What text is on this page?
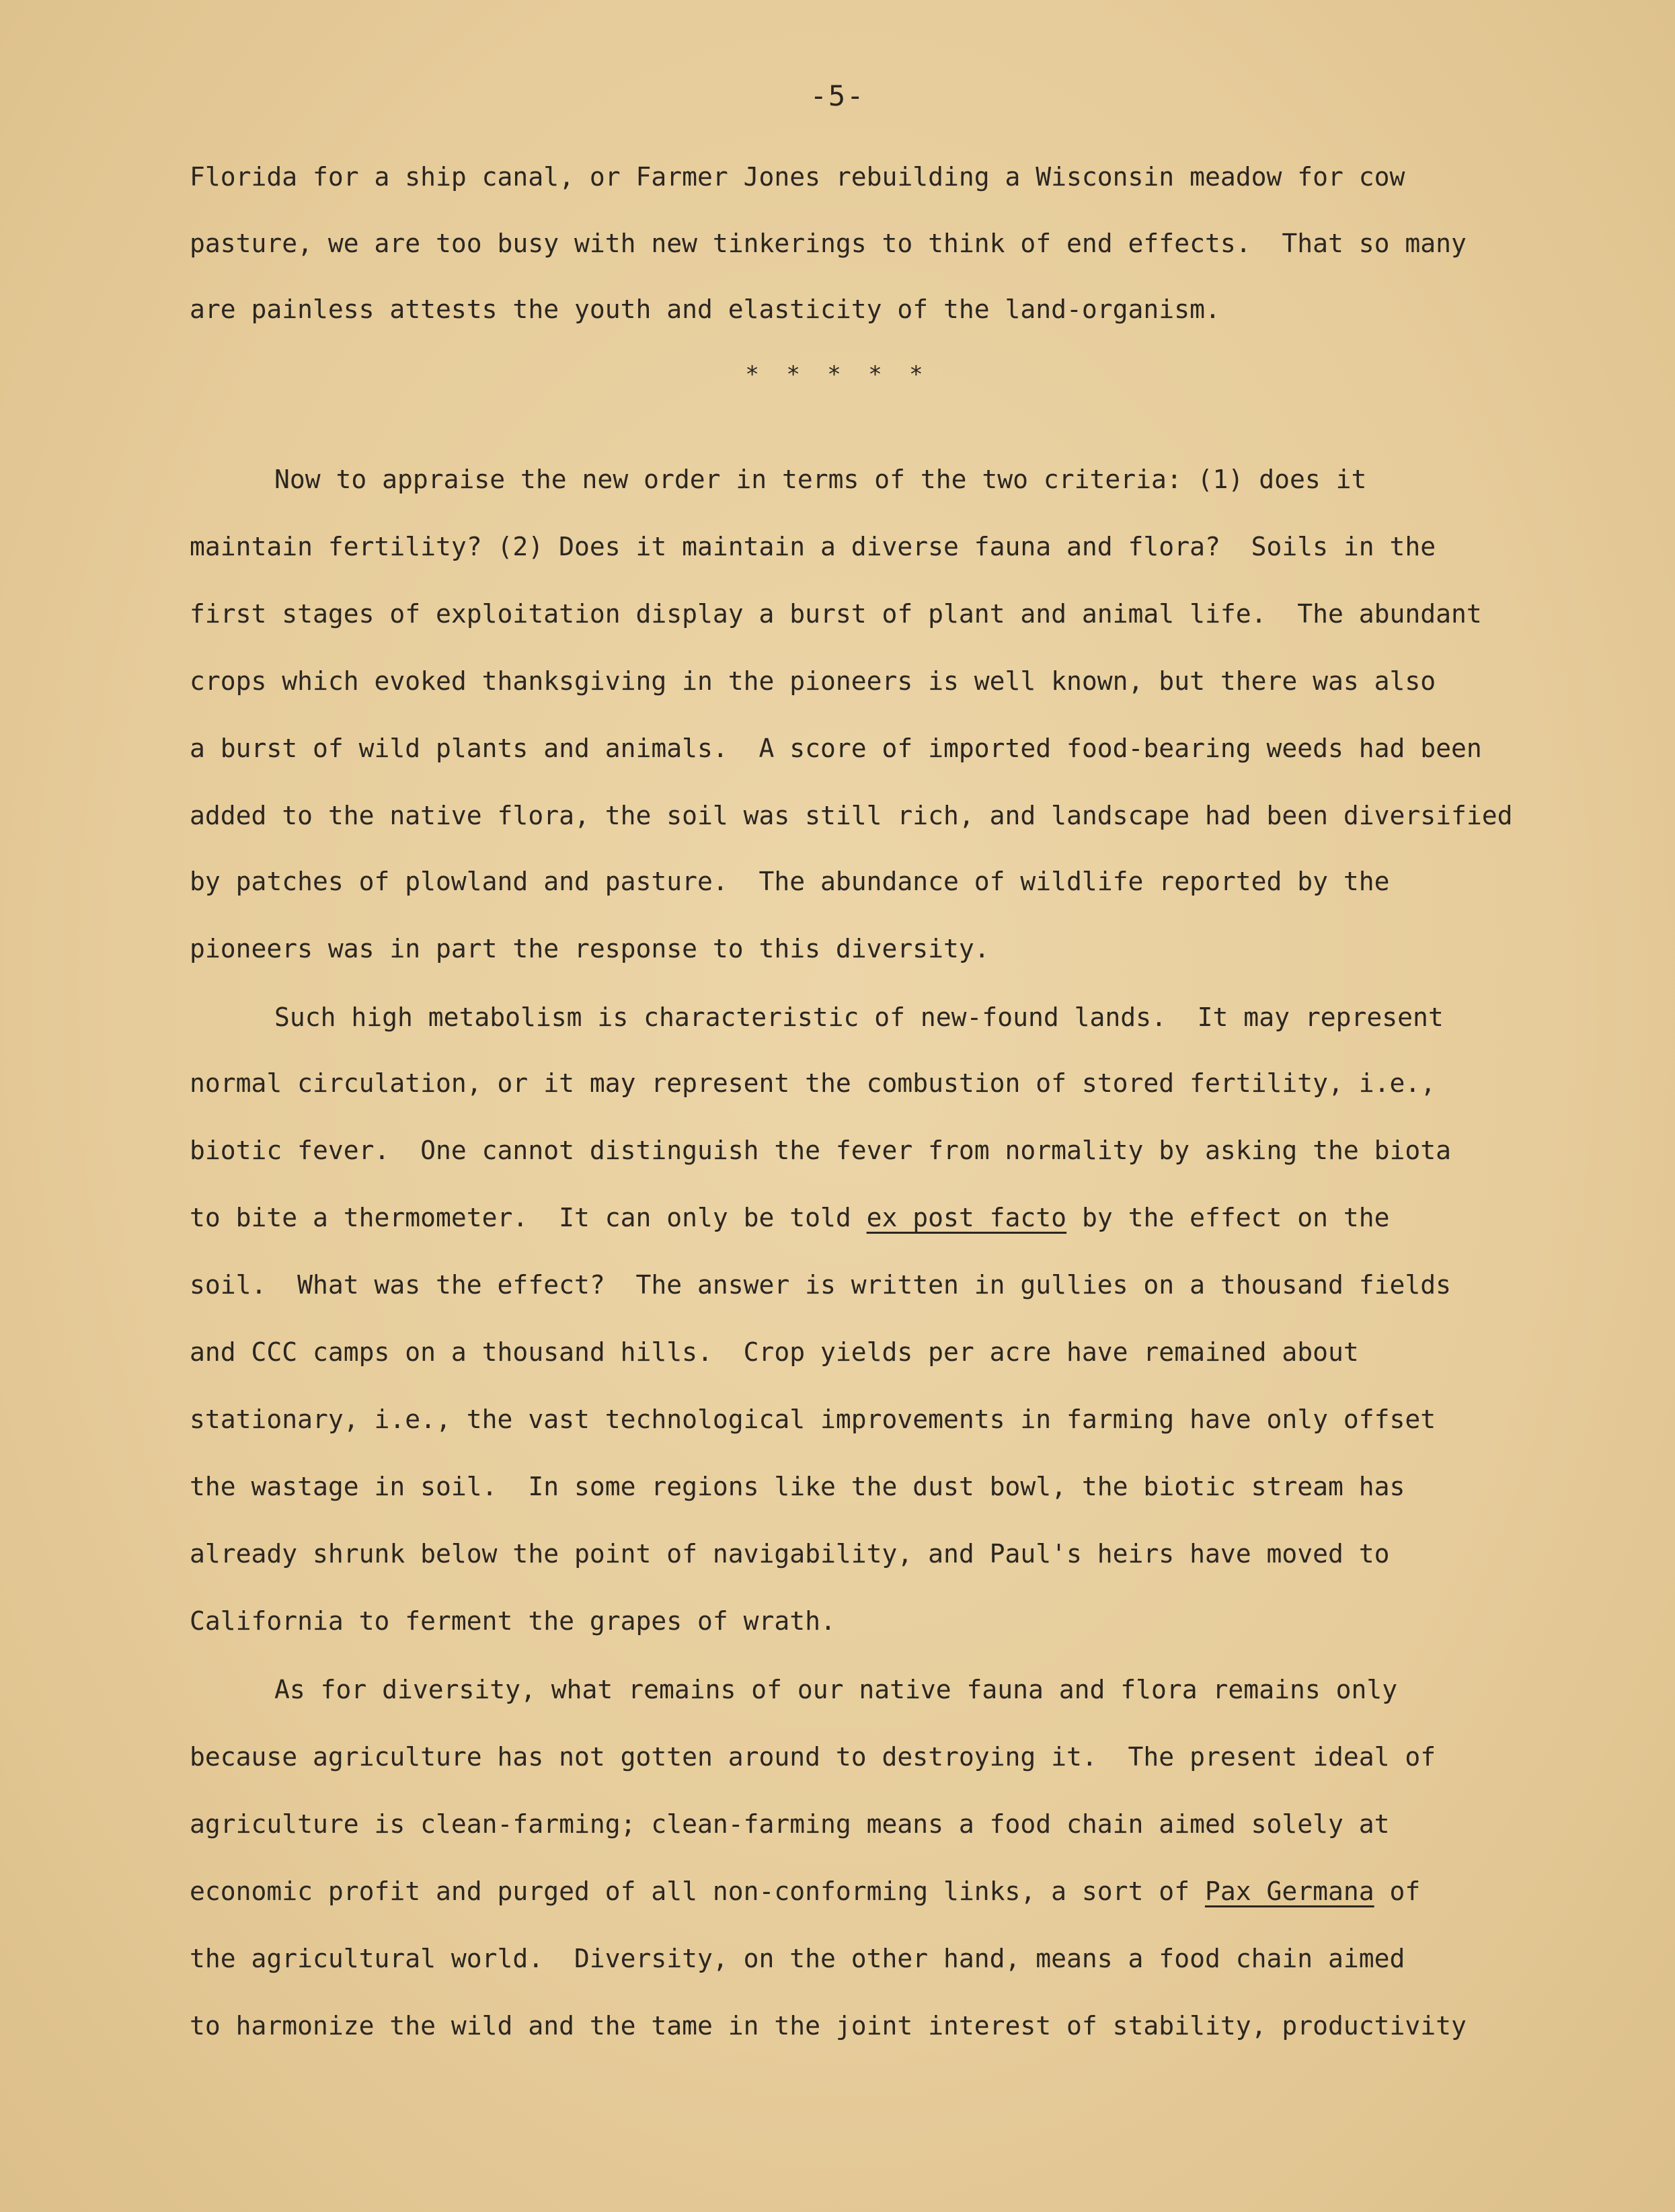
-5-
Florida for a ship canal, or Farmer Jones rebuilding a Wisconsin meadow for cow
pasture, we are too busy with new tinkerings to think of end effects.  That so many
are painless attests the youth and elasticity of the land-organism.
* * * * *
Now to appraise the new order in terms of the two criteria: (1) does it
maintain fertility? (2) Does it maintain a diverse fauna and flora?  Soils in the
first stages of exploitation display a burst of plant and animal life.  The abundant
crops which evoked thanksgiving in the pioneers is well known, but there was also
a burst of wild plants and animals.  A score of imported food-bearing weeds had been
added to the native flora, the soil was still rich, and landscape had been diversified
by patches of plowland and pasture.  The abundance of wildlife reported by the
pioneers was in part the response to this diversity.
Such high metabolism is characteristic of new-found lands.  It may represent
normal circulation, or it may represent the combustion of stored fertility, i.e.,
biotic fever.  One cannot distinguish the fever from normality by asking the biota
to bite a thermometer.  It can only be told ex post facto by the effect on the
soil.  What was the effect?  The answer is written in gullies on a thousand fields
and CCC camps on a thousand hills.  Crop yields per acre have remained about
stationary, i.e., the vast technological improvements in farming have only offset
the wastage in soil.  In some regions like the dust bowl, the biotic stream has
already shrunk below the point of navigability, and Paul's heirs have moved to
California to ferment the grapes of wrath.
As for diversity, what remains of our native fauna and flora remains only
because agriculture has not gotten around to destroying it.  The present ideal of
agriculture is clean-farming; clean-farming means a food chain aimed solely at
economic profit and purged of all non-conforming links, a sort of Pax Germana of
the agricultural world.  Diversity, on the other hand, means a food chain aimed
to harmonize the wild and the tame in the joint interest of stability, productivity
